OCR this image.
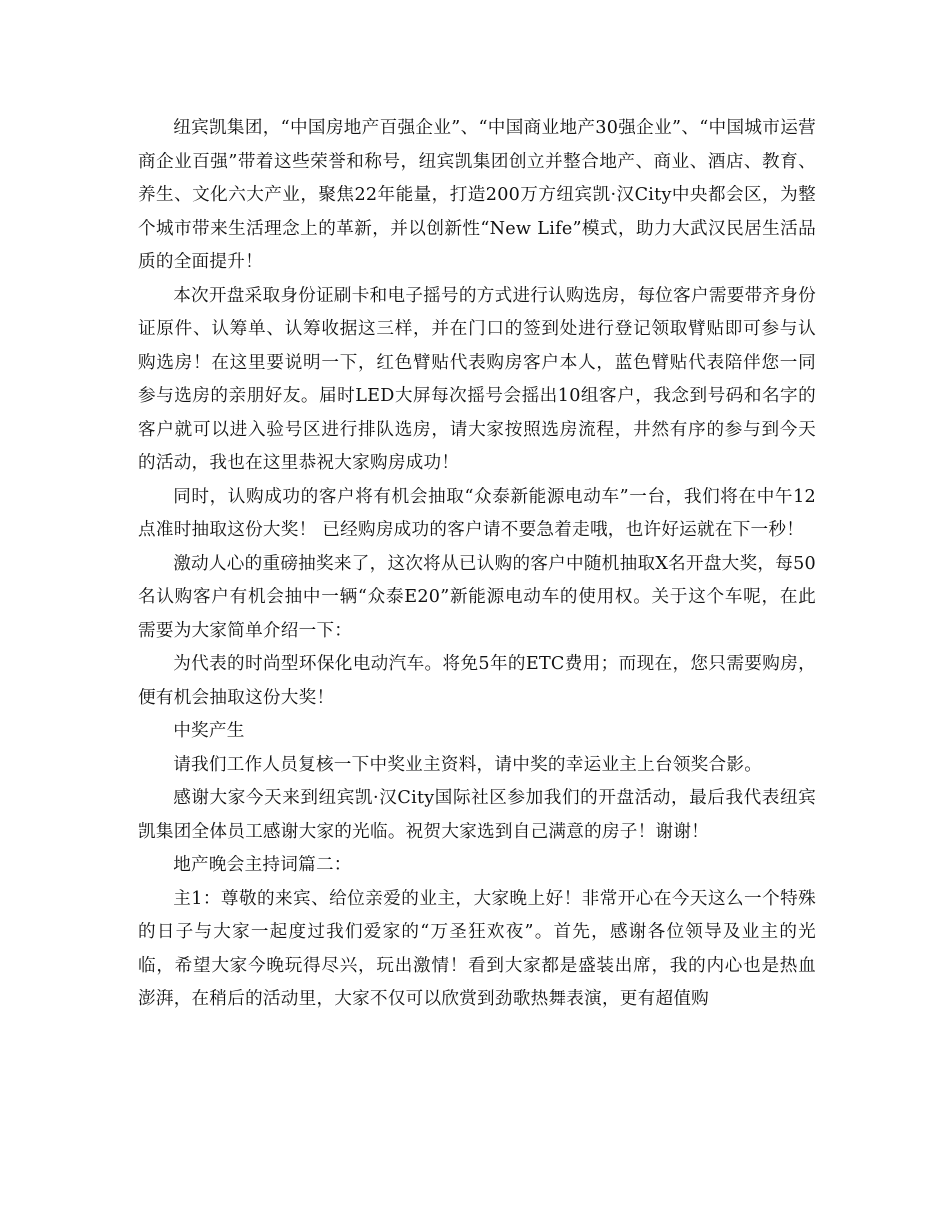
纽宾凯集团，“中国房地产百强企业”、“中国商业地产30强企业”、“中国城市运营商企业百强”带着这些荣誉和称号，纽宾凯集团创立并整合地产、商业、酒店、教育、养生、文化六大产业，聚焦22年能量，打造200万方纽宾凯·汉City中央都会区，为整个城市带来生活理念上的革新，并以创新性“New Life”模式，助力大武汉民居生活品质的全面提升！

本次开盘采取身份证刷卡和电子摇号的方式进行认购选房，每位客户需要带齐身份证原件、认筹单、认筹收据这三样，并在门口的签到处进行登记领取臂贴即可参与认购选房！在这里要说明一下，红色臂贴代表购房客户本人，蓝色臂贴代表陪伴您一同参与选房的亲朋好友。届时LED大屏每次摇号会摇出10组客户，我念到号码和名字的客户就可以进入验号区进行排队选房，请大家按照选房流程，井然有序的参与到今天的活动，我也在这里恭祝大家购房成功！

同时，认购成功的客户将有机会抽取“众泰新能源电动车”一台，我们将在中午12点准时抽取这份大奖！ 已经购房成功的客户请不要急着走哦，也许好运就在下一秒！

激动人心的重磅抽奖来了，这次将从已认购的客户中随机抽取X名开盘大奖，每50名认购客户有机会抽中一辆“众泰E20”新能源电动车的使用权。关于这个车呢，在此需要为大家简单介绍一下：

为代表的时尚型环保化电动汽车。将免5年的ETC费用；而现在，您只需要购房，便有机会抽取这份大奖！

中奖产生

请我们工作人员复核一下中奖业主资料，请中奖的幸运业主上台领奖合影。

感谢大家今天来到纽宾凯·汉City国际社区参加我们的开盘活动，最后我代表纽宾凯集团全体员工感谢大家的光临。祝贺大家选到自己满意的房子！谢谢！

地产晚会主持词篇二：

主1：尊敬的来宾、给位亲爱的业主，大家晚上好！非常开心在今天这么一个特殊的日子与大家一起度过我们爱家的“万圣狂欢夜”。首先，感谢各位领导及业主的光临，希望大家今晚玩得尽兴，玩出激情！看到大家都是盛装出席，我的内心也是热血澎湃，在稍后的活动里，大家不仅可以欣赏到劲歌热舞表演，更有超值购
